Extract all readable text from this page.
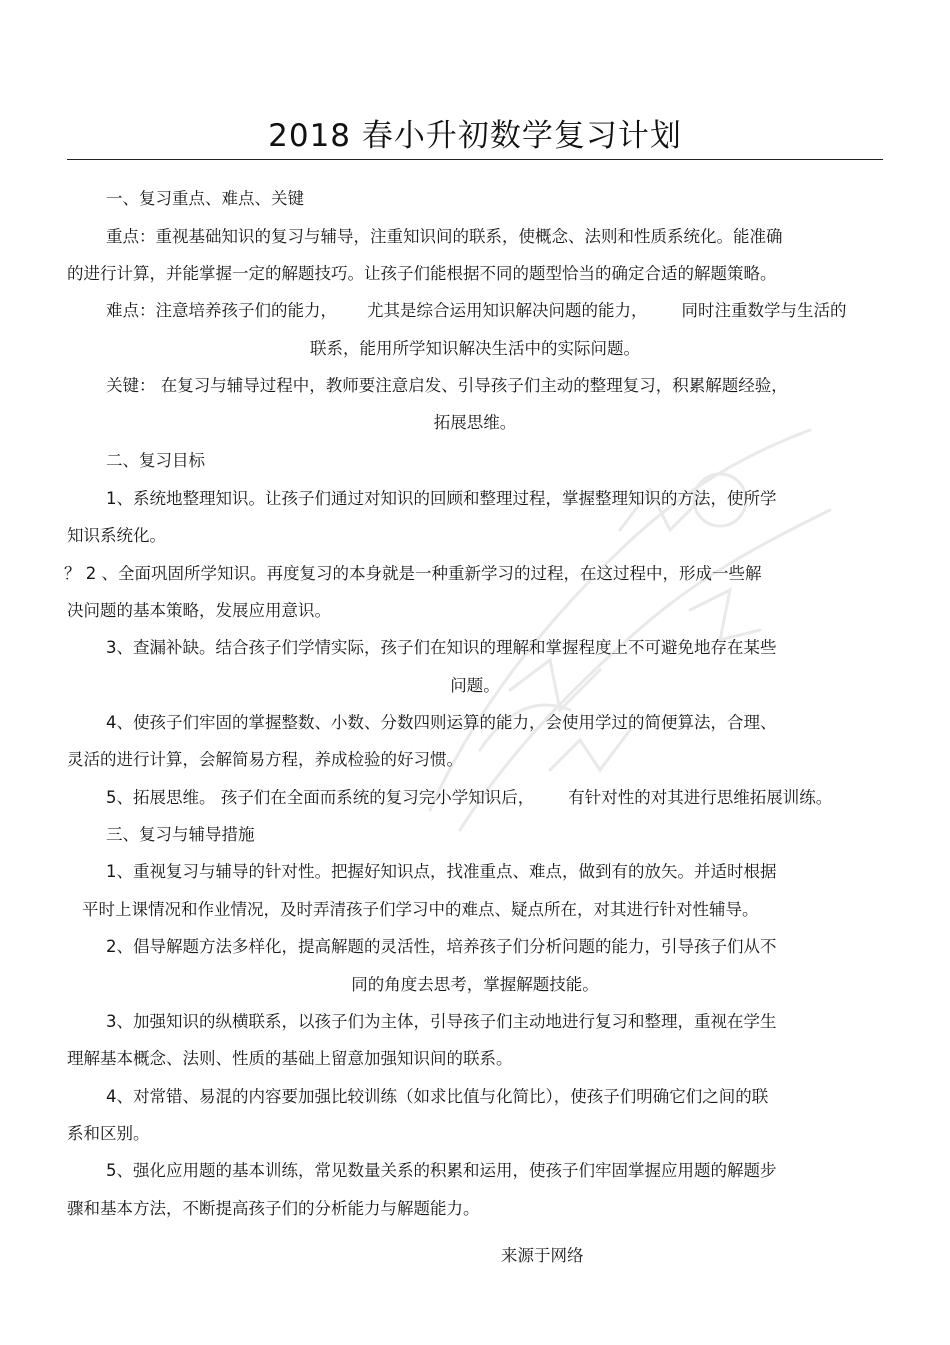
2018 春小升初数学复习计划
一、复习重点、难点、关键
重点：重视基础知识的复习与辅导，注重知识间的联系，使概念、法则和性质系统化。能准确
的进行计算，并能掌握一定的解题技巧。让孩子们能根据不同的题型恰当的确定合适的解题策略。
难点：注意培养孩子们的能力， 尤其是综合运用知识解决问题的能力， 同时注重数学与生活的
联系，能用所学知识解决生活中的实际问题。
关键： 在复习与辅导过程中，教师要注意启发、引导孩子们主动的整理复习，积累解题经验，
拓展思维。
二、复习目标
1、系统地整理知识。让孩子们通过对知识的回顾和整理过程，掌握整理知识的方法，使所学
知识系统化。
？ 2 、全面巩固所学知识。再度复习的本身就是一种重新学习的过程，在这过程中，形成一些解
决问题的基本策略，发展应用意识。
3、查漏补缺。结合孩子们学情实际，孩子们在知识的理解和掌握程度上不可避免地存在某些
问题。
4、使孩子们牢固的掌握整数、小数、分数四则运算的能力，会使用学过的简便算法，合理、
灵活的进行计算，会解简易方程，养成检验的好习惯。
5、拓展思维。 孩子们在全面而系统的复习完小学知识后， 有针对性的对其进行思维拓展训练。
三、复习与辅导措施
1、重视复习与辅导的针对性。把握好知识点，找准重点、难点，做到有的放矢。并适时根据
平时上课情况和作业情况，及时弄清孩子们学习中的难点、疑点所在，对其进行针对性辅导。
2、倡导解题方法多样化，提高解题的灵活性，培养孩子们分析问题的能力，引导孩子们从不
同的角度去思考，掌握解题技能。
3、加强知识的纵横联系，以孩子们为主体，引导孩子们主动地进行复习和整理，重视在学生
理解基本概念、法则、性质的基础上留意加强知识间的联系。
4、对常错、易混的内容要加强比较训练（如求比值与化简比），使孩子们明确它们之间的联
系和区别。
5、强化应用题的基本训练，常见数量关系的积累和运用，使孩子们牢固掌握应用题的解题步
骤和基本方法，不断提高孩子们的分析能力与解题能力。
来源于网络
